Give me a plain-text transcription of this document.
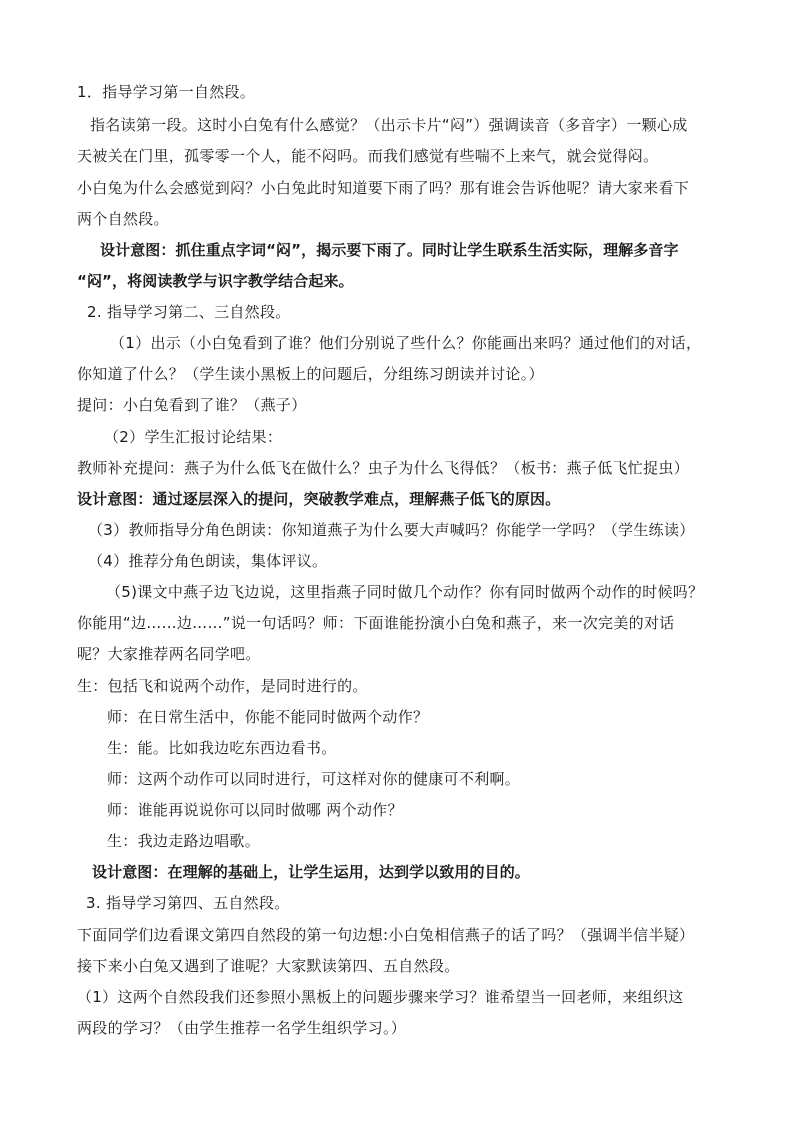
1．指导学习第一自然段。
指名读第一段。这时小白兔有什么感觉？（出示卡片“闷”）强调读音（多音字）一颗心成
天被关在门里，孤零零一个人，能不闷吗。而我们感觉有些喘不上来气，就会觉得闷。
小白兔为什么会感觉到闷？小白兔此时知道要下雨了吗？那有谁会告诉他呢？请大家来看下
两个自然段。
设计意图：抓住重点字词“闷”，揭示要下雨了。同时让学生联系生活实际，理解多音字
“闷”，将阅读教学与识字教学结合起来。
2. 指导学习第二、三自然段。
（1）出示（小白兔看到了谁？他们分别说了些什么？你能画出来吗？通过他们的对话，
你知道了什么？（学生读小黑板上的问题后，分组练习朗读并讨论。）
提问：小白兔看到了谁？（燕子）
（2）学生汇报讨论结果：
教师补充提问：燕子为什么低飞在做什么？虫子为什么飞得低？（板书：燕子低飞忙捉虫）
设计意图：通过逐层深入的提问，突破教学难点，理解燕子低飞的原因。
（3）教师指导分角色朗读：你知道燕子为什么要大声喊吗？你能学一学吗？（学生练读）
（4）推荐分角色朗读，集体评议。
（5)课文中燕子边飞边说，这里指燕子同时做几个动作？你有同时做两个动作的时候吗？
你能用“边……边……”说一句话吗？师：下面谁能扮演小白兔和燕子，来一次完美的对话
呢？大家推荐两名同学吧。
生：包括飞和说两个动作，是同时进行的。
师：在日常生活中，你能不能同时做两个动作？
生：能。比如我边吃东西边看书。
师：这两个动作可以同时进行，可这样对你的健康可不利啊。
师：谁能再说说你可以同时做哪 两个动作？
生：我边走路边唱歌。
设计意图：在理解的基础上，让学生运用，达到学以致用的目的。
3. 指导学习第四、五自然段。
下面同学们边看课文第四自然段的第一句边想:小白兔相信燕子的话了吗？（强调半信半疑）
接下来小白兔又遇到了谁呢？大家默读第四、五自然段。
（1）这两个自然段我们还参照小黑板上的问题步骤来学习？谁希望当一回老师，来组织这
两段的学习？（由学生推荐一名学生组织学习。）
